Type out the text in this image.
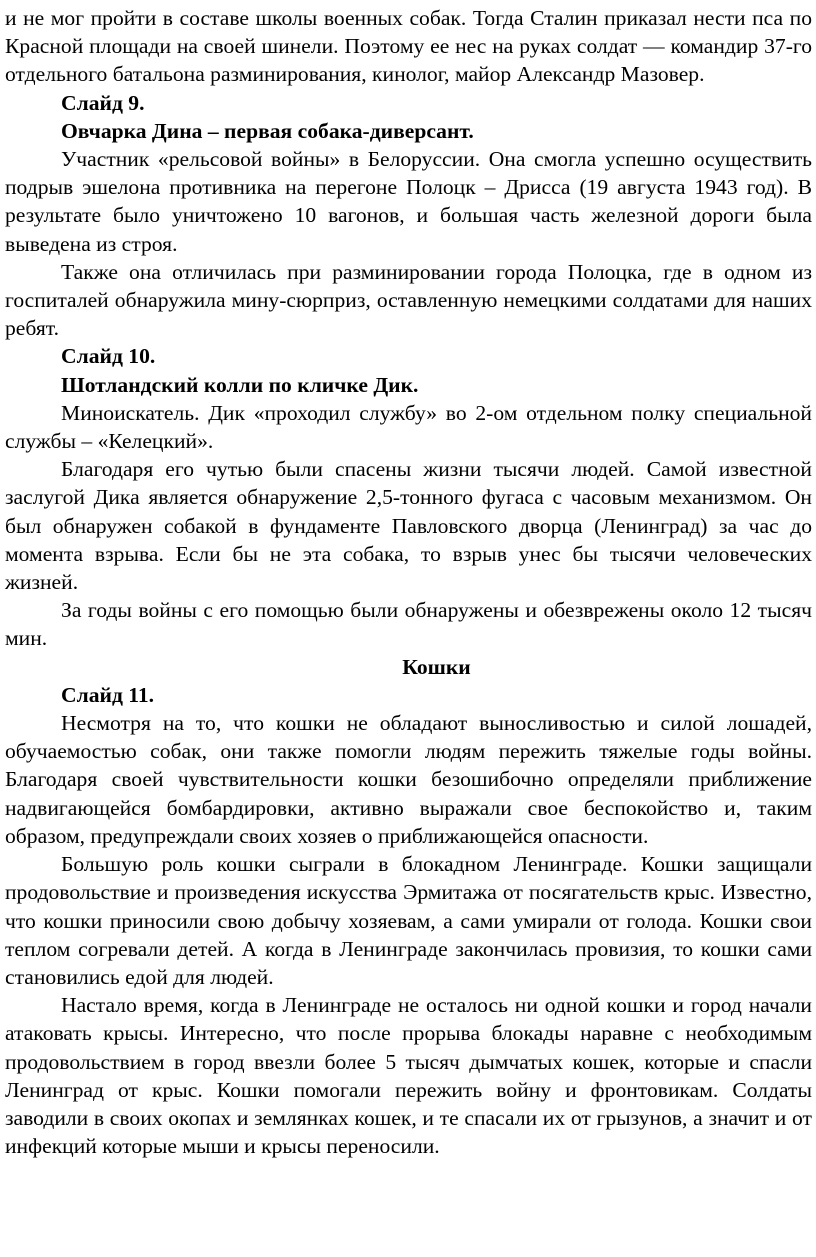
и не мог пройти в составе школы военных собак. Тогда Сталин приказал нести пса по Красной площади на своей шинели. Поэтому ее нес на руках солдат — командир 37-го отдельного батальона разминирования, кинолог, майор Александр Мазовер.

Слайд 9.

Овчарка Дина – первая собака-диверсант.

Участник «рельсовой войны» в Белоруссии. Она смогла успешно осуществить подрыв эшелона противника на перегоне Полоцк – Дрисса (19 августа 1943 год). В результате было уничтожено 10 вагонов, и большая часть железной дороги была выведена из строя.

Также она отличилась при разминировании города Полоцка, где в одном из госпиталей обнаружила мину-сюрприз, оставленную немецкими солдатами для наших ребят.

Слайд 10.

Шотландский колли по кличке Дик.

Миноискатель. Дик «проходил службу» во 2-ом отдельном полку специальной службы – «Келецкий».

Благодаря его чутью были спасены жизни тысячи людей. Самой известной заслугой Дика является обнаружение 2,5-тонного фугаса с часовым механизмом. Он был обнаружен собакой в фундаменте Павловского дворца (Ленинград) за час до момента взрыва. Если бы не эта собака, то взрыв унес бы тысячи человеческих жизней.

За годы войны с его помощью были обнаружены и обезврежены около 12 тысяч мин.

Кошки

Слайд 11.

Несмотря на то, что кошки не обладают выносливостью и силой лошадей, обучаемостью собак, они также помогли людям пережить тяжелые годы войны. Благодаря своей чувствительности кошки безошибочно определяли приближение надвигающейся бомбардировки, активно выражали свое беспокойство и, таким образом, предупреждали своих хозяев о приближающейся опасности.

Большую роль кошки сыграли в блокадном Ленинграде. Кошки защищали продовольствие и произведения искусства Эрмитажа от посягательств крыс. Известно, что кошки приносили свою добычу хозяевам, а сами умирали от голода. Кошки свои теплом согревали детей. А когда в Ленинграде закончилась провизия, то кошки сами становились едой для людей.

Настало время, когда в Ленинграде не осталось ни одной кошки и город начали атаковать крысы. Интересно, что после прорыва блокады наравне с необходимым продовольствием в город ввезли более 5 тысяч дымчатых кошек, которые и спасли Ленинград от крыс. Кошки помогали пережить войну и фронтовикам. Солдаты заводили в своих окопах и землянках кошек, и те спасали их от грызунов, а значит и от инфекций которые мыши и крысы переносили.
